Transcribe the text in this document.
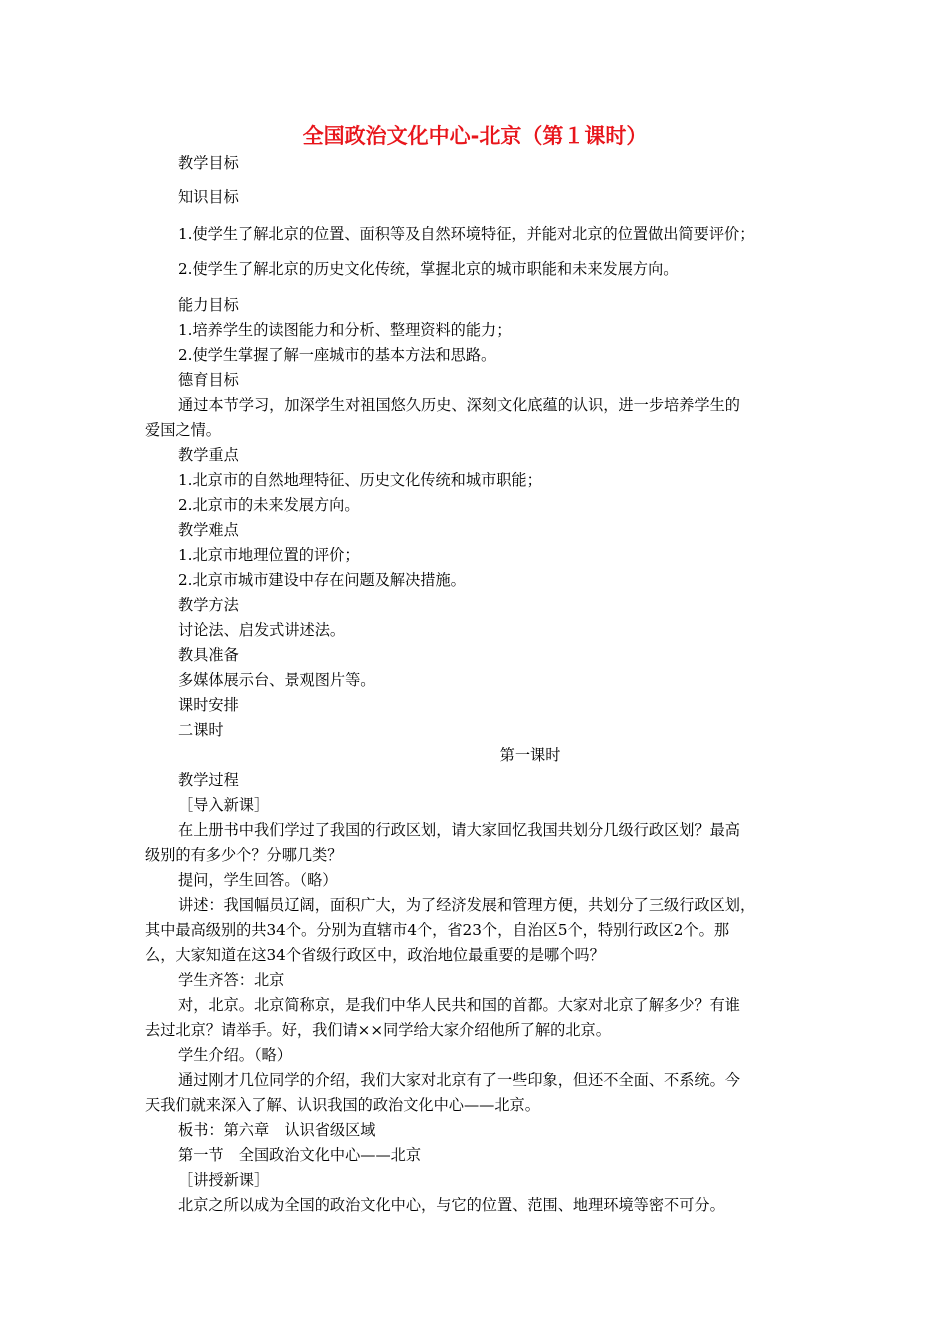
全国政治文化中心-北京（第１课时）

教学目标

知识目标

1.使学生了解北京的位置、面积等及自然环境特征，并能对北京的位置做出简要评价；

2.使学生了解北京的历史文化传统，掌握北京的城市职能和未来发展方向。

能力目标

1.培养学生的读图能力和分析、整理资料的能力；

2.使学生掌握了解一座城市的基本方法和思路。

德育目标

通过本节学习，加深学生对祖国悠久历史、深刻文化底蕴的认识，进一步培养学生的

爱国之情。

教学重点

1.北京市的自然地理特征、历史文化传统和城市职能；

2.北京市的未来发展方向。

教学难点

1.北京市地理位置的评价；

2.北京市城市建设中存在问题及解决措施。

教学方法

讨论法、启发式讲述法。

教具准备

多媒体展示台、景观图片等。

课时安排

二课时

第一课时

教学过程

［导入新课］

在上册书中我们学过了我国的行政区划，请大家回忆我国共划分几级行政区划？最高

级别的有多少个？分哪几类？

提问，学生回答。（略）

讲述：我国幅员辽阔，面积广大，为了经济发展和管理方便，共划分了三级行政区划，

其中最高级别的共34个。分别为直辖市4个，省23个，自治区5个，特别行政区2个。那

么，大家知道在这34个省级行政区中，政治地位最重要的是哪个吗？

学生齐答：北京

对，北京。北京简称京，是我们中华人民共和国的首都。大家对北京了解多少？有谁

去过北京？请举手。好，我们请××同学给大家介绍他所了解的北京。

学生介绍。（略）

通过刚才几位同学的介绍，我们大家对北京有了一些印象，但还不全面、不系统。今

天我们就来深入了解、认识我国的政治文化中心——北京。

板书：第六章　认识省级区域

第一节　全国政治文化中心——北京

［讲授新课］

北京之所以成为全国的政治文化中心，与它的位置、范围、地理环境等密不可分。
